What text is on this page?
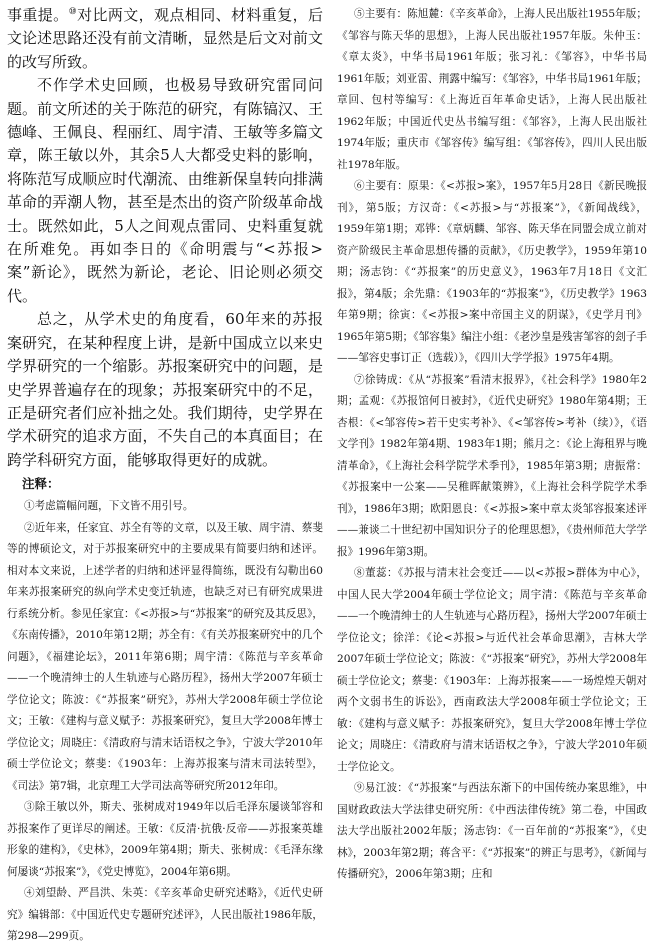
事重提。⑩对比两文，观点相同、材料重复，后文论述思路还没有前文清晰，显然是后文对前文的改写所致。

不作学术史回顾，也极易导致研究雷同问题。前文所述的关于陈范的研究，有陈镐汉、王德峰、王佩良、程丽红、周宇清、王敏等多篇文章，陈王敏以外，其余5人大都受史料的影响，将陈范写成顺应时代潮流、由维新保皇转向排满革命的弄潮人物，甚至是杰出的资产阶级革命战士。既然如此，5人之间观点雷同、史料重复就在所难免。再如李日的《命明震与“<苏报>案”新论》，既然为新论，老论、旧论则必须交代。

总之，从学术史的角度看，60年来的苏报案研究，在某种程度上讲，是新中国成立以来史学界研究的一个缩影。苏报案研究中的问题，是史学界普遍存在的现象；苏报案研究中的不足，正是研究者们应补拙之处。我们期待，史学界在学术研究的追求方面，不失自己的本真面目；在跨学科研究方面，能够取得更好的成就。

注释：

①考虑篇幅问题，下文皆不用引号。

②近年来，任家宜、苏全有等的文章，以及王敏、周宇清、蔡斐等的博硕论文，对于苏报案研究中的主要成果有简要归纳和述评。相对本文来说，上述学者的归纳和述评显得简练，既没有勾勒出60年来苏报案研究的纵向学术史变迁轨迹，也缺乏对已有研究成果进行系统分析。参见任家宜：《<苏报>与“苏报案”的研究及其反思》，《东南传播》，2010年第12期；苏全有：《有关苏报案研究中的几个问题》，《福建论坛》，2011年第6期；周宇清：《陈范与辛亥革命——一个晚清绅士的人生轨迹与心路历程》，扬州大学2007年硕士学位论文；陈波：《“苏报案”研究》，苏州大学2008年硕士学位论文；王敏：《建构与意义赋予：苏报案研究》，复旦大学2008年博士学位论文；周晓庄：《清政府与清末话语权之争》，宁波大学2010年硕士学位论文；蔡斐：《1903年：上海苏报案与清末司法转型》，《司法》第7辑，北京理工大学司法高等研究所2012年印。

③除王敏以外，斯夫、张树成对1949年以后毛泽东屡谈邹容和苏报案作了更详尽的阐述。王敏：《反清·抗俄·反帝——苏报案英雄形象的建构》，《史林》，2009年第4期；斯夫、张树成：《毛泽东缘何屡谈“苏报案”》，《党史博览》，2004年第6期。

④刘望龄、严昌洪、朱英：《辛亥革命史研究述略》，《近代史研究》编辑部：《中国近代史专题研究述评》，人民出版社1986年版，第298—299页。

⑤主要有：陈旭麓：《辛亥革命》，上海人民出版社1955年版；《邹容与陈天华的思想》，上海人民出版社1957年版。朱仲玉：《章太炎》，中华书局1961年版；张习礼：《邹容》，中华书局1961年版；刘亚雷、荆露中编写：《邹容》，中华书局1961年版；章回、包村等编写：《上海近百年革命史话》，上海人民出版社1962年版；中国近代史丛书编写组：《邹容》，上海人民出版社1974年版；重庆市《邹容传》编写组：《邹容传》，四川人民出版社1978年版。

⑥主要有：原果：《<苏报>案》，1957年5月28日《新民晚报刊》，第5版；方汉奇：《<苏报>与“苏报案”》，《新闻战线》，1959年第1期；邓铧：《章炳麟、邹容、陈天华在同盟会成立前对资产阶级民主革命思想传播的贡献》，《历史教学》，1959年第10期；汤志钧：《“苏报案”的历史意义》，1963年7月18日《文汇报》，第4版；余先鼎：《1903年的“苏报案”》，《历史教学》1963年第9期；徐寅：《<苏报>案中帝国主义的阴谋》，《史学月刊》1965年第5期；《邹容集》编注小组：《老沙皇是残害邹容的刽子手——邹容史事订正（选载）》，《四川大学学报》1975年4期。

⑦徐铸成：《从“苏报案”看清末报界》，《社会科学》1980年2期；孟观：《苏报馆何日被封》，《近代史研究》1980年第4期；王杏根：《<邹容传>若干史实考补》、《<邹容传>考补（续）》，《语文学刊》1982年第4期、1983年1期；熊月之：《论上海租界与晚清革命》，《上海社会科学院学术季刊》，1985年第3期；唐振常：《苏报案中一公案——吴稚晖献策辨》，《上海社会科学院学术季刊》，1986年3期；欧阳恩良：《<苏报>案中章太炎邹容报案述评——兼谈二十世纪初中国知识分子的伦理思想》，《贵州师范大学学报》1996年第3期。

⑧董蕊：《苏报与清末社会变迁——以<苏报>群体为中心》，中国人民大学2004年硕士学位论文；周宇清：《陈范与辛亥革命——一个晚清绅士的人生轨迹与心路历程》，扬州大学2007年硕士学位论文；徐洋：《论<苏报>与近代社会革命思潮》，吉林大学2007年硕士学位论文；陈波：《“苏报案”研究》，苏州大学2008年硕士学位论文；蔡斐：《1903年：上海苏报案——一场煌煌天朝对两个文弱书生的诉讼》，西南政法大学2008年硕士学位论文；王敏：《建构与意义赋予：苏报案研究》，复旦大学2008年博士学位论文；周晓庄：《清政府与清末话语权之争》，宁波大学2010年硕士学位论文。

⑨易江波：《“苏报案”与西法东渐下的中国传统办案思维》，中国财政政法大学法律史研究所：《中西法律传统》第二卷，中国政法大学出版社2002年版；汤志钧：《一百年前的“苏报案”》，《史林》，2003年第2期；蒋含平：《“苏报案”的辨正与思考》，《新闻与传播研究》，2006年第3期；庄和
